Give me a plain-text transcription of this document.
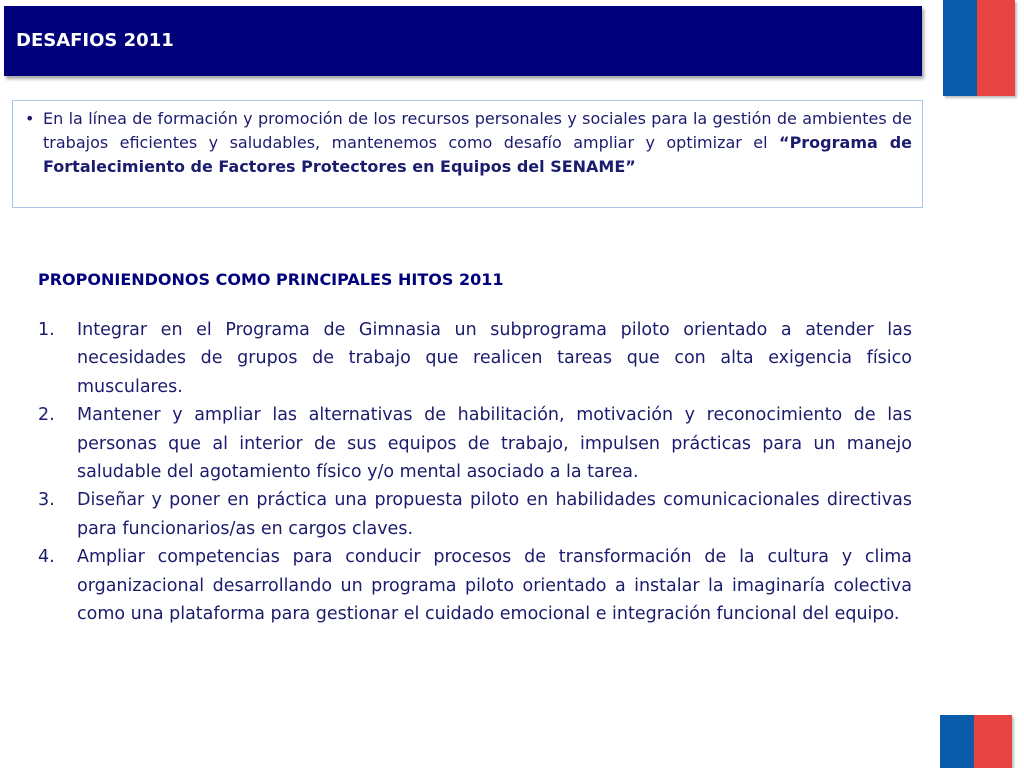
DESAFIOS 2011
• En la línea de formación y promoción de los recursos personales y sociales para la gestión de ambientes de trabajos eficientes y saludables, mantenemos como desafío ampliar y optimizar el “Programa de Fortalecimiento de Factores Protectores en Equipos del SENAME”
PROPONIENDONOS COMO PRINCIPALES HITOS 2011
1.	Integrar en el Programa de Gimnasia un subprograma piloto orientado a atender las necesidades de grupos de trabajo que realicen tareas que con alta exigencia físico musculares.
2.	Mantener y ampliar las alternativas de habilitación, motivación y reconocimiento de las personas que al interior de sus equipos de trabajo, impulsen prácticas para un manejo saludable del agotamiento físico y/o mental asociado a la tarea.
3.	Diseñar y poner en práctica una propuesta piloto en habilidades comunicacionales directivas para funcionarios/as en cargos claves.
4.	Ampliar competencias para conducir procesos de transformación de la cultura y clima organizacional desarrollando un programa piloto orientado a instalar la imaginaría colectiva como una plataforma para gestionar el cuidado emocional e integración funcional del equipo.
